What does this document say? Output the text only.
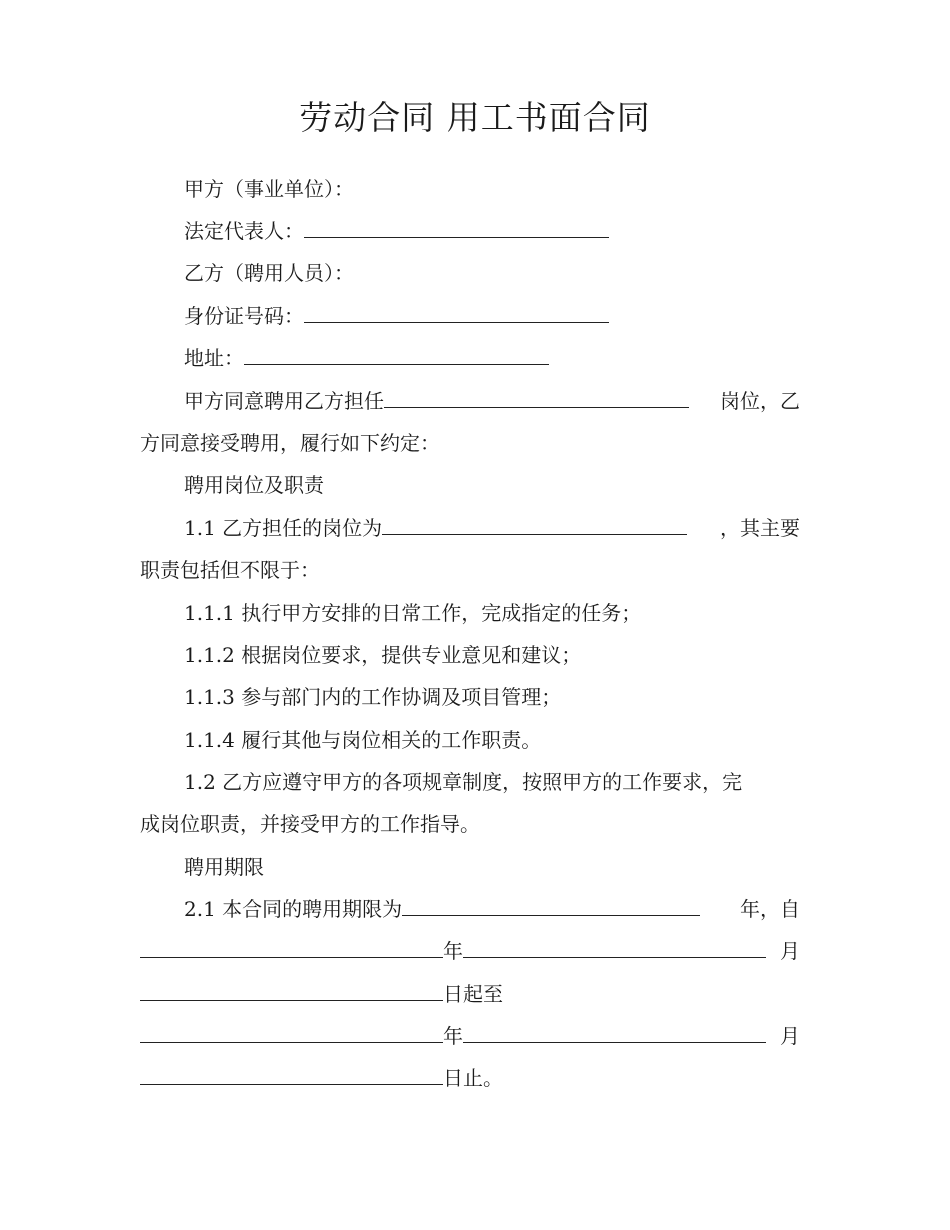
劳动合同 用工书面合同
甲方（事业单位）：
法定代表人：
乙方（聘用人员）：
身份证号码：
地址：
甲方同意聘用乙方担任	岗位，乙
方同意接受聘用，履行如下约定：
聘用岗位及职责
1.1 乙方担任的岗位为	，其主要
职责包括但不限于：
1.1.1 执行甲方安排的日常工作，完成指定的任务；
1.1.2 根据岗位要求，提供专业意见和建议；
1.1.3 参与部门内的工作协调及项目管理；
1.1.4 履行其他与岗位相关的工作职责。
1.2 乙方应遵守甲方的各项规章制度，按照甲方的工作要求，完
成岗位职责，并接受甲方的工作指导。
聘用期限
2.1 本合同的聘用期限为	年，自
年	月
日起至
年	月
日止。
